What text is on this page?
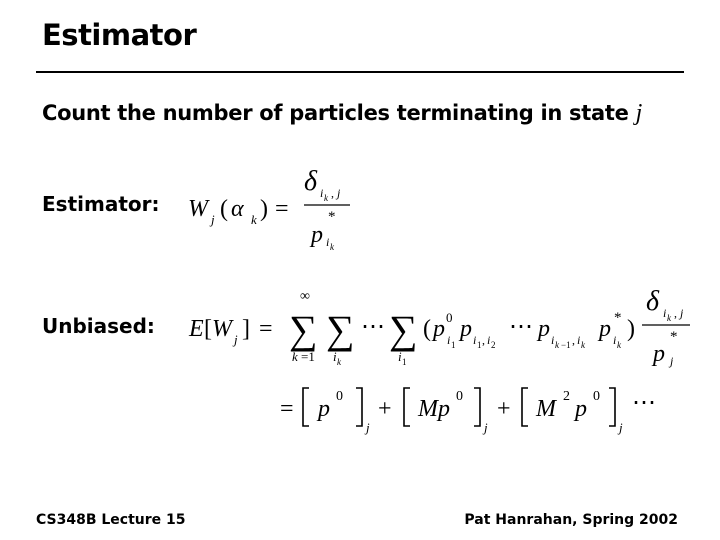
Estimator
Count the number of particles terminating in state j
Estimator:
Unbiased:
W j ( α k ) =
δ i k , j
p
*
i k
E [ W j ] =
∞
∑
k =1
∑
i k
⋯ ∑
i 1
( p 0
i 1
p i 1 , i 2
⋯ p i k −1 , i k
p *
i k
)
δ i k , j
p
*
j
= p 0
j
+ Mp 0
j
+ M 2 p 0
j
⋯
CS348B Lecture 15	Pat Hanrahan, Spring 2002
